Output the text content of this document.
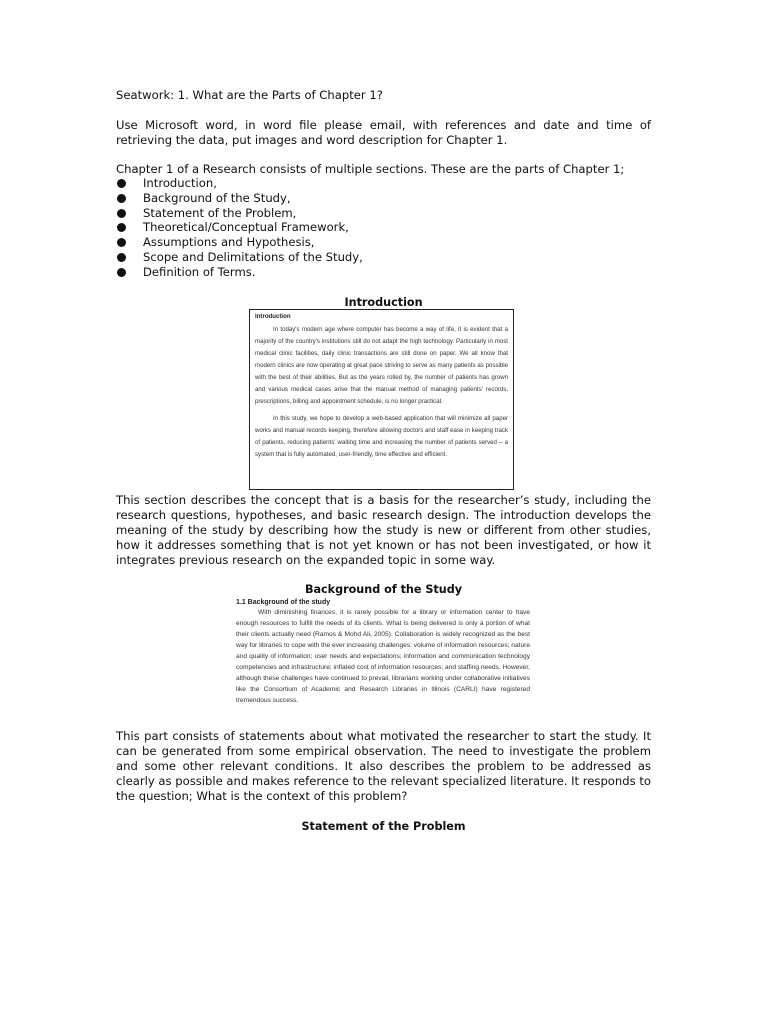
Seatwork: 1. What are the Parts of Chapter 1?
Use Microsoft word, in word file please email, with references and date and time of retrieving the data, put images and word description for Chapter 1.
Chapter 1 of a Research consists of multiple sections. These are the parts of Chapter 1;
Introduction,
Background of the Study,
Statement of the Problem,
Theoretical/Conceptual Framework,
Assumptions and Hypothesis,
Scope and Delimitations of the Study,
Definition of Terms.
Introduction

Introduction

In today's modern age where computer has become a way of life, it is evident that a majority of the country's institutions still do not adapt the high technology. Particularly in most medical clinic facilities, daily clinic transactions are still done on paper. We all know that modern clinics are now operating at great pace striving to serve as many patients as possible with the best of their abilities. But as the years rolled by, the number of patients has grown and various medical cases arise that the manual method of managing patients' records, prescriptions, billing and appointment schedule, is no longer practical.

In this study, we hope to develop a web-based application that will minimize all paper works and manual records keeping, therefore allowing doctors and staff ease in keeping track of patients, reducing patients' waiting time and increasing the number of patients served – a system that is fully automated, user-friendly, time effective and efficient.

This section describes the concept that is a basis for the researcher’s study, including the research questions, hypotheses, and basic research design. The introduction develops the meaning of the study by describing how the study is new or different from other studies, how it addresses something that is not yet known or has not been investigated, or how it integrates previous research on the expanded topic in some way.
Background of the Study

1.1 Background of the study

With diminishing finances, it is rarely possible for a library or information center to have enough resources to fulfill the needs of its clients. What is being delivered is only a portion of what their clients actually need (Ramos & Mohd Ali, 2005). Collaboration is widely recognized as the best way for libraries to cope with the ever increasing challenges: volume of information resources; nature and quality of information; user needs and expectations; information and communication technology competencies and infrastructure; inflated cost of information resources; and staffing needs. However, although these challenges have continued to prevail, librarians working under collaborative initiatives like the Consortium of Academic and Research Libraries in Illinois (CARLI) have registered tremendous success.

This part consists of statements about what motivated the researcher to start the study. It can be generated from some empirical observation. The need to investigate the problem and some other relevant conditions. It also describes the problem to be addressed as clearly as possible and makes reference to the relevant specialized literature. It responds to the question; What is the context of this problem?
Statement of the Problem
